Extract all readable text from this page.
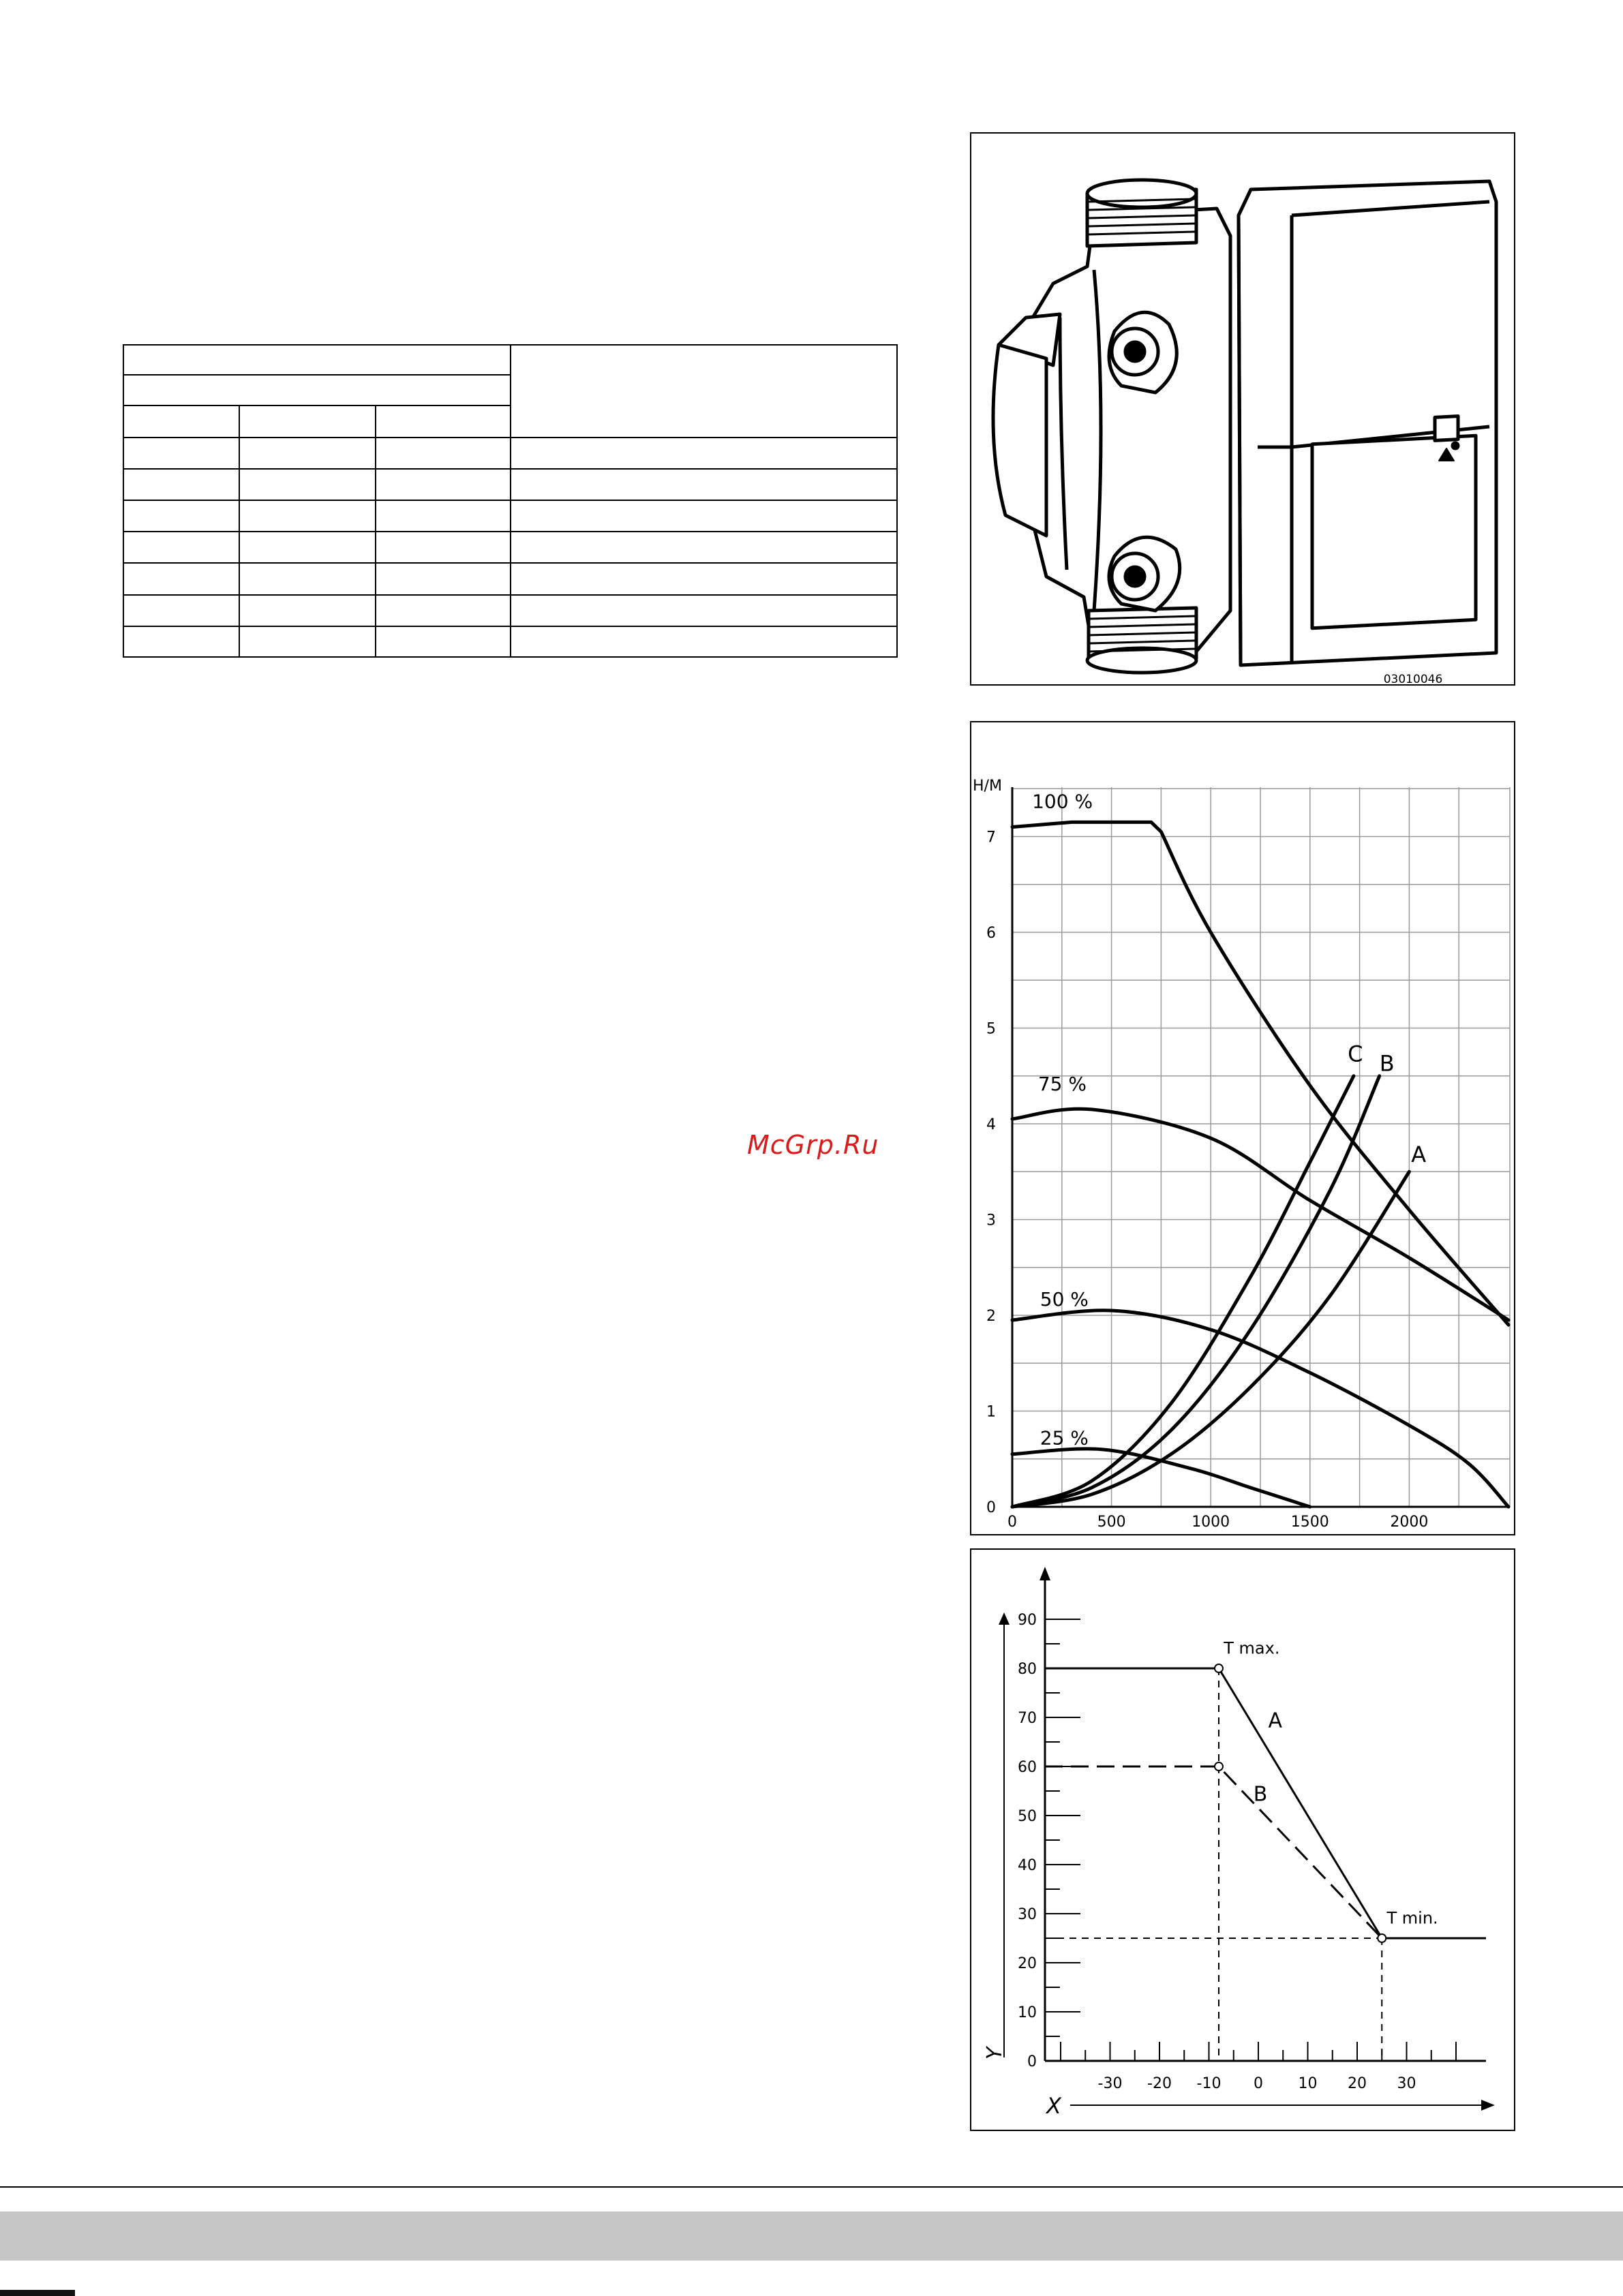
03010046
0
1
2
3
4
5
6
7
0	500	1000	1500	2000
H/M
100 %
75 %
50 %
25 %
C B
A
0
10
20
30
40
50
60
70
80
90
-30 -20 -10 0 10 20 30
Y
X
T max.
T min.
A
B
McGrp.Ru
